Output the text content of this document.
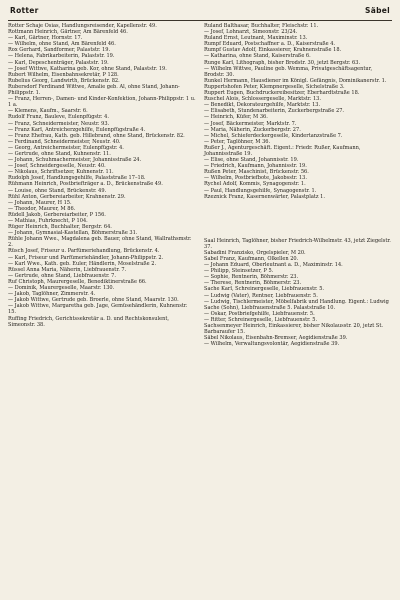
Rotter	Säbel

Rotter Schaje Osias, Handlungsreisender, Kapellenstr. 49.

Rottmann Heinrich, Gärtner, Am Bärenfeld 46.

— Karl, Gärtner, Hornstr. 17.

— Wilhelm, ohne Stand, Am Bärenfeld 46.

Rox Gerhard, Sandformer, Palaststr. 19.

— Helena, Fabrikarbeiterin, Palaststr. 19.

— Karl, Depeschenträger, Palaststr. 19.

— Josef Wittwe, Katharina geb. Kor, ohne Stand, Palaststr. 19.

Rubert Wilhelm, Eisenbahnsekretär, P 128.

Rubelius Georg, Landwirth, Brückenstr. 82.

Rubersdorf Ferdinand Wittwe, Amalie geb. Al, ohne Stand, Johann-Philippstr. 1.

— Franz, Herren-, Damen- und Kinder-Konfektion, Johann-Philippstr. 1 u. 1 a.

— Klemens, Kaufm., Saarstr. 6.

Rudolf Franz, Bauleve, Eulenpfügstr. 4.

— Franz, Schneidermeister, Neustr. 93.

— Franz Karl, Antreicherzgehilfe, Eulenpfügstraße 4.

— Franz Ehefrau, Kath. geb. Hillebrand, ohne Stand, Brückenstr. 82.

— Ferdinand, Schneidermeister, Neustr. 40.

— Georg, Antreichermeister, Eulenpfügstr. 4.

— Gertrude, ohne Stand, Kuhnenstr. 11.

— Johann, Schuhmachermeister, Johannisstraße 24.

— Josef, Schneidergeselle, Neustr. 40.

— Nikolaus, Schriftsetzer, Kuhnenstr. 11.

Rudolph Josef, Handlungsgehilfe, Palaststraße 17–18.

Rühmann Heinrich, Postbriefträger a. D., Brückenstraße 49.

— Louise, ohne Stand, Brückenstr. 49.

Rühl Anton, Gerbereiarbeiter, Krahnenstr. 29.

— Johann, Maurer, H 15.

— Theodor, Maurer, M 86.

Rüdell Jakob, Gerbereiarbeiter, P 156.

— Mathias, Fuhrknecht, P 104.

Rüger Heinrich, Buchhalter, Bergstr. 64.

— Johann, Gymnasial-Kastellan, Böhmerstraße 31.

Rühle Johann Wwe., Magdalena geb. Bauer, ohne Stand, Wallrathsmstr. 2.

Rüsch Josef, Friseur u. Parfümeriehandlung, Brückenstr. 4.

— Karl, Friseur und Parfümeriehändler, Johann-Philippstr. 2.

— Karl Wwe., Kath. geb. Euler, Händlerin, Moselstraße 2.

Rüssel Anna Maria, Näherin, Liebfrauenstr. 7.

— Gertrude, ohne Stand, Liebfrauenstr. 7.

Ruf Christoph, Maurergeselle, Benediktinerstraße 66.

— Dominik, Maurergeselle, Maarstr. 130.

— Jakob, Taglöhner, Zimmerstr. 4.

— Jakob Wittwe, Gertrude geb. Broerle, ohne Stand, Maarstr. 130.

— Jakob Wittwe, Margaretha geb. Jage, Gemüsehändlerin, Kuhnenstr. 15.

Ruffing Friedrich, Gerichtssekretär a. D. und Rechtskonsulent, Simeonstr. 38.

Ruland Balthasar, Buchhalter, Fleischstr. 11.

— Josef, Lohnarzt, Simeonstr. 23/24.

Ruland Ernst, Leutnant, Maximinstr. 13.

Rumpf Eduard, Postschaffner a. D., Kaiserstraße 4.

Rumpf Gustav Adolf, Einkassierer, Krahnenstraße 18.

— Katharina, ohne Stand, Kaiserstraße 6.

Runge Karl, Lithograph, bisher Brodstr. 30, jetzt Bergstr. 63.

— Wilhelm Wittwe, Pauline geb. Wemma, Privatgeschäftsagentur, Brodstr. 30.

Runkel Hermann, Hausdiener im Königl. Gefängnis, Dominikanerstr. 1.

Ruppertshofen Peter, Klempnergeselle, Sichelstraße 3.

Ruppert Eugen, Buchdruckereibesitzer, Eberhardtstraße 18.

Ruschel Alois, Schlossergeselle, Marktstr. 13.

— Benedikt, Dekorateurgehilfe, Marktstr. 13.

— Elisabeth, Stundenarbeiterin, Zuckerbergstraße 27.

— Heinrich, Küfer, M 36.

— Josef, Bäckermeister, Marktstr. 7.

— Maria, Näherin, Zuckerbergstr. 27.

— Michel, Schieferdeckergeselle, Kindertanzstraße 7.

— Peter, Taglöhner, M 36.

Rußer J., Agenturgeschäft. Eigent.: Friedr. Rußer, Kaufmann, Johannisstraße 19.

— Elise, ohne Stand, Johannisstr. 19.

— Friedrich, Kaufmann, Johannisstr. 19.

Rußen Peter, Maschinist, Brückenstr. 56.

— Wilhelm, Postbriefbote, Jakobsstr. 13.

Rychel Adolf, Kommis, Synagogenstr. 1.

— Paul, Handlungsgehilfe, Synagogenstr. 1.

Rzeznick Franz, Kasernenwärter, Palastplatz 1.

Saal Heinrich, Taglöhner, bisher Friedrich-Wilhelmstr. 43, jetzt Ziegelstr. 37.

Sabadini Franzisko, Orgelspieler, M 20.

Sabel Franz, Kaufmann, Olkellen 20.

— Johann Eduard, Oberleutnant a. D., Maximinstr. 14.

— Philipp, Steinsetzer, P 5.

— Sophie, Rentnerin, Böhmerstr. 23.

— Therese, Rentnerin, Böhmerstr. 23.

Sache Karl, Schreinergeselle, Liebfrauenstr. 5.

— Ludwig (Vater), Rentner, Liebfrauenstr. 5.

— Ludwig, Tischlermeister, Möbelfabrik und Handlung. Eigent.: Ludwig Sache (Sohn), Liebfrauenstraße 5. Palaststraße 10.

— Oskar, Postbriefgehilfe, Liebfrauenstr. 5.

— Ritter, Schreinergeselle, Liebfrauenstr. 5.

Sachsenmeyer Heinrich, Einkassierer, bisher Nikolausstr. 20, jetzt St. Barbaraufer 15.

Säbel Nikolaus, Eisenbahn-Bremser, Aegidienstraße 39.

— Wilhelm, Verwaltungsvolontär, Aegidienstraße 39.
